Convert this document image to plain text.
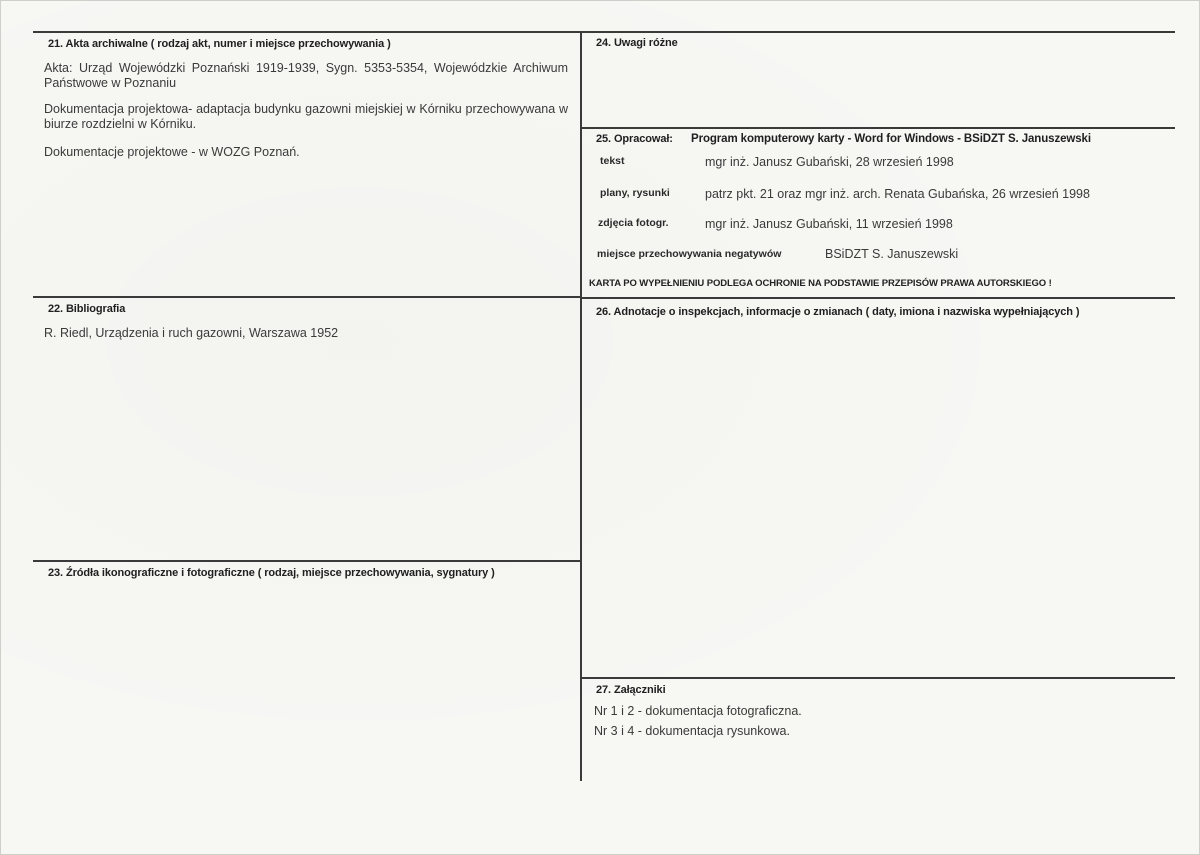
21. Akta archiwalne ( rodzaj akt, numer i miejsce przechowywania )
Akta: Urząd Wojewódzki Poznański 1919-1939, Sygn. 5353-5354, Wojewódzkie Archiwum Państwowe w Poznaniu
Dokumentacja projektowa- adaptacja budynku gazowni miejskiej w Kórniku przechowywana w biurze rozdzielni w Kórniku.
Dokumentacje projektowe - w WOZG Poznań.
22. Bibliografia
R. Riedl, Urządzenia i ruch gazowni, Warszawa 1952
23. Źródła ikonograficzne i fotograficzne ( rodzaj, miejsce przechowywania, sygnatury )
24. Uwagi różne
25. Opracował: Program komputerowy karty - Word for Windows - BSiDZT S. Januszewski
tekst	mgr inż. Janusz Gubański, 28 wrzesień 1998
plany, rysunki	patrz pkt. 21 oraz mgr inż. arch. Renata Gubańska, 26 wrzesień 1998
zdjęcia fotogr.	mgr inż. Janusz Gubański, 11 wrzesień 1998
miejsce przechowywania negatywów	BSiDZT S. Januszewski
KARTA PO WYPEŁNIENIU PODLEGA OCHRONIE NA PODSTAWIE PRZEPISÓW PRAWA AUTORSKIEGO !
26. Adnotacje o inspekcjach, informacje o zmianach ( daty, imiona i nazwiska wypełniających )
27. Załączniki
Nr 1 i 2 - dokumentacja fotograficzna.
Nr 3 i 4 - dokumentacja rysunkowa.
